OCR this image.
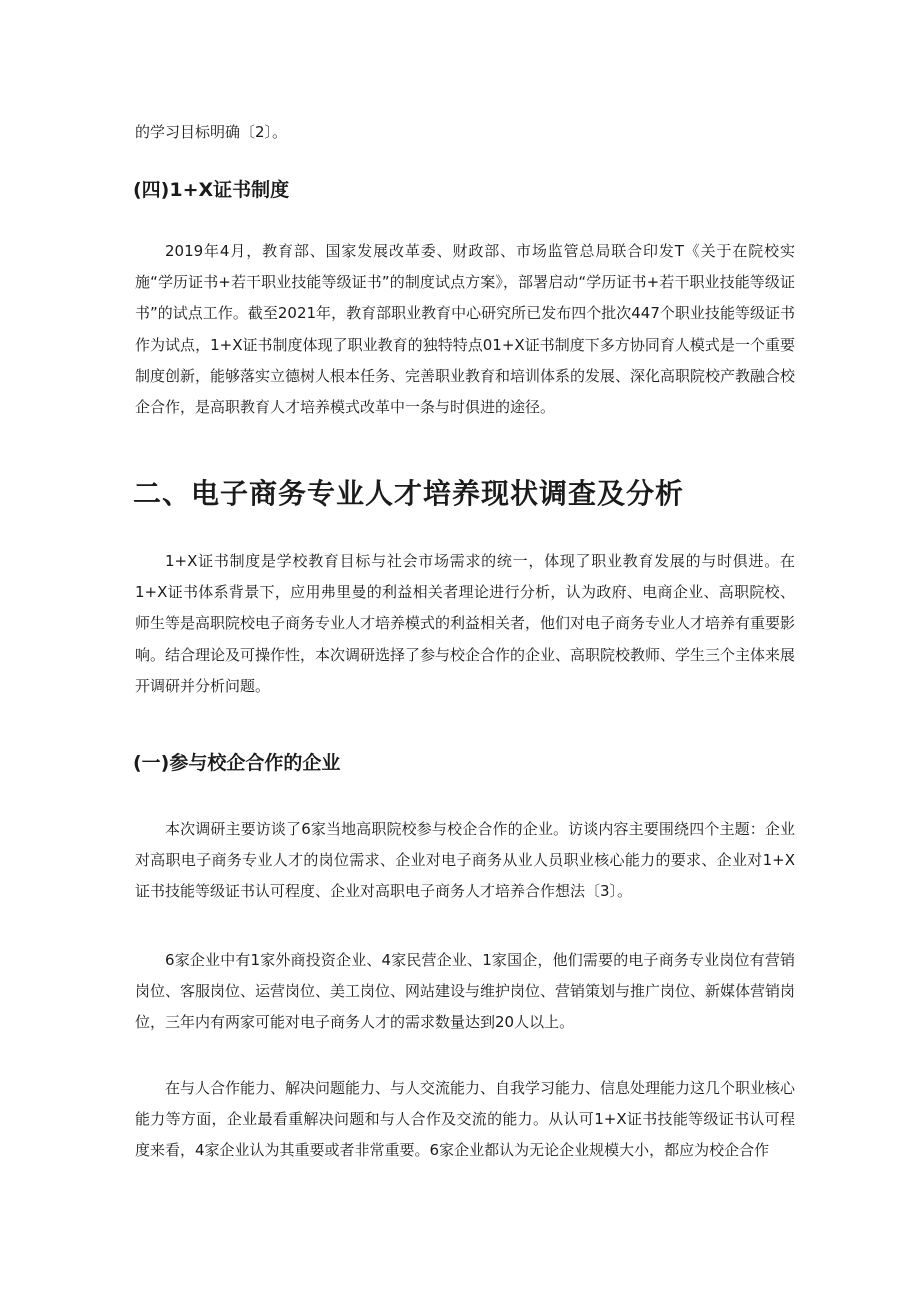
的学习目标明确〔2〕。

(四)1+X证书制度

2019年4月，教育部、国家发展改革委、财政部、市场监管总局联合印发T《关于在院校实施“学历证书+若干职业技能等级证书”的制度试点方案》，部署启动“学历证书+若干职业技能等级证书”的试点工作。截至2021年，教育部职业教育中心研究所已发布四个批次447个职业技能等级证书作为试点，1+X证书制度体现了职业教育的独特特点01+X证书制度下多方协同育人模式是一个重要制度创新，能够落实立德树人根本任务、完善职业教育和培训体系的发展、深化高职院校产教融合校企合作，是高职教育人才培养模式改革中一条与时俱进的途径。

二、电子商务专业人才培养现状调查及分析

1+X证书制度是学校教育目标与社会市场需求的统一，体现了职业教育发展的与时俱进。在1+X证书体系背景下，应用弗里曼的利益相关者理论进行分析，认为政府、电商企业、高职院校、师生等是高职院校电子商务专业人才培养模式的利益相关者，他们对电子商务专业人才培养有重要影响。结合理论及可操作性，本次调研选择了参与校企合作的企业、高职院校教师、学生三个主体来展开调研并分析问题。

(一)参与校企合作的企业

本次调研主要访谈了6家当地高职院校参与校企合作的企业。访谈内容主要围绕四个主题：企业对高职电子商务专业人才的岗位需求、企业对电子商务从业人员职业核心能力的要求、企业对1+X证书技能等级证书认可程度、企业对高职电子商务人才培养合作想法〔3〕。

6家企业中有1家外商投资企业、4家民营企业、1家国企，他们需要的电子商务专业岗位有营销岗位、客服岗位、运营岗位、美工岗位、网站建设与维护岗位、营销策划与推广岗位、新媒体营销岗位，三年内有两家可能对电子商务人才的需求数量达到20人以上。

在与人合作能力、解决问题能力、与人交流能力、自我学习能力、信息处理能力这几个职业核心能力等方面，企业最看重解决问题和与人合作及交流的能力。从认可1+X证书技能等级证书认可程度来看，4家企业认为其重要或者非常重要。6家企业都认为无论企业规模大小，都应为校企合作
